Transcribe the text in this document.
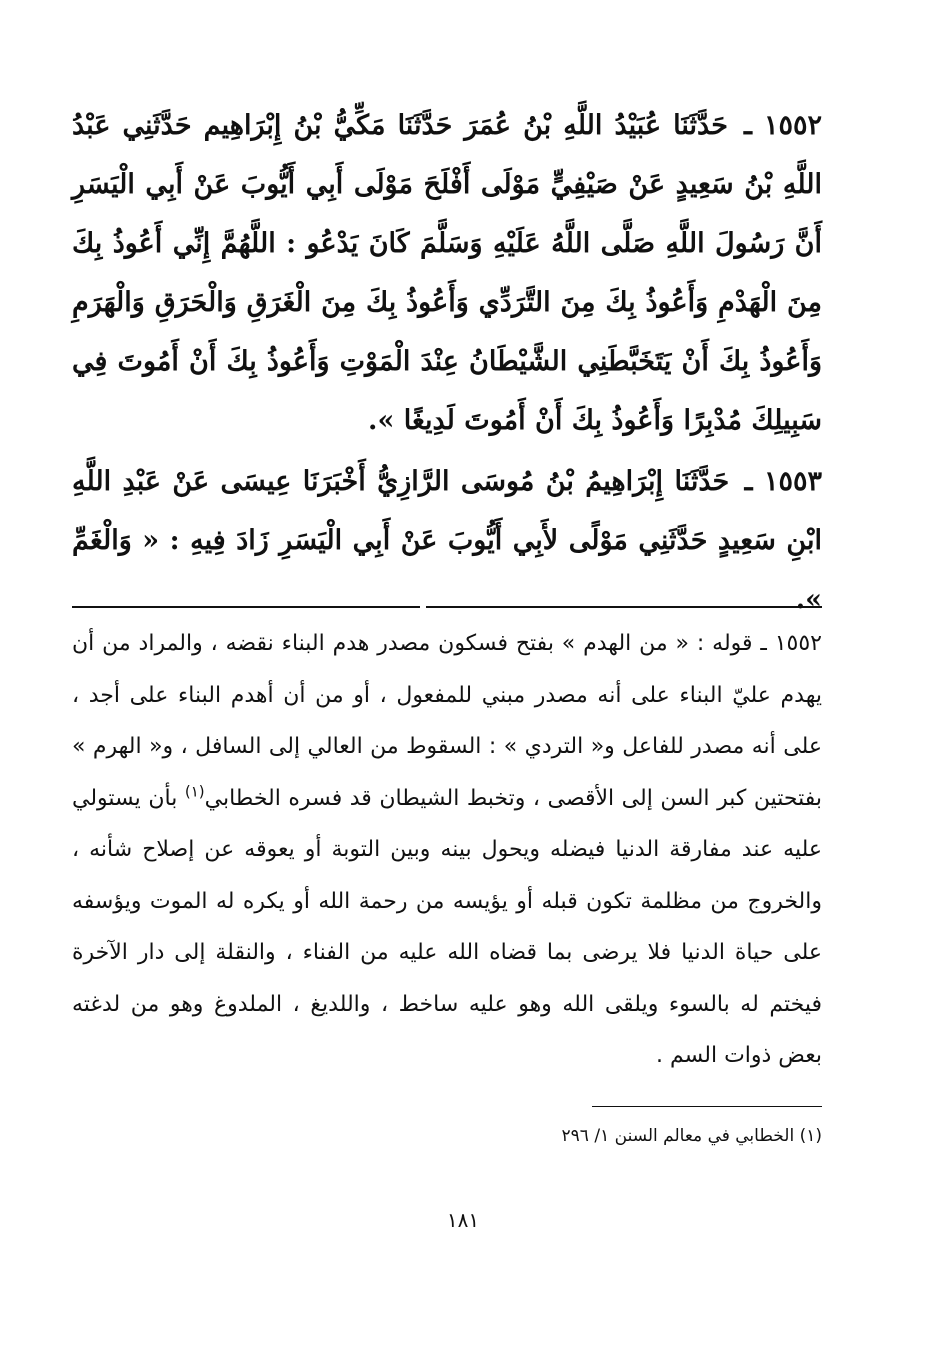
١٥٥٢ ـ حَدَّثَنَا عُبَيْدُ اللَّهِ بْنُ عُمَرَ حَدَّثَنَا مَكِّيُّ بْنُ إِبْرَاهِيم حَدَّثَنِي عَبْدُ اللَّهِ بْنُ سَعِيدٍ عَنْ صَيْفِيٍّ مَوْلَى أَفْلَحَ مَوْلَى أَبِي أَيُّوبَ عَنْ أَبِي الْيَسَرِ أَنَّ رَسُولَ اللَّهِ صَلَّى اللَّهُ عَلَيْهِ وَسَلَّمَ كَانَ يَدْعُو : اللَّهُمَّ إِنِّي أَعُوذُ بِكَ مِنَ الْهَدْمِ وَأَعُوذُ بِكَ مِنَ التَّرَدِّي وَأَعُوذُ بِكَ مِنَ الْغَرَقِ وَالْحَرَقِ وَالْهَرَمِ وَأَعُوذُ بِكَ أَنْ يَتَخَبَّطَنِي الشَّيْطَانُ عِنْدَ الْمَوْتِ وَأَعُوذُ بِكَ أَنْ أَمُوتَ فِي سَبِيلِكَ مُدْبِرًا وَأَعُوذُ بِكَ أَنْ أَمُوتَ لَدِيغًا ».
١٥٥٣ ـ حَدَّثَنَا إِبْرَاهِيمُ بْنُ مُوسَى الرَّازِيُّ أَخْبَرَنَا عِيسَى عَنْ عَبْدِ اللَّهِ ابْنِ سَعِيدٍ حَدَّثَنِي مَوْلًى لأَبِي أَيُّوبَ عَنْ أَبِي الْيَسَرِ زَادَ فِيهِ : « وَالْغَمِّ ».
١٥٥٢ ـ قوله : « من الهدم » بفتح فسكون مصدر هدم البناء نقضه ، والمراد من أن يهدم عليّ البناء على أنه مصدر مبني للمفعول ، أو من أن أهدم البناء على أجد ، على أنه مصدر للفاعل و« التردي » : السقوط من العالي إلى السافل ، و« الهرم » بفتحتين كبر السن إلى الأقصى ، وتخبط الشيطان قد فسره الخطابي$^{(١)}$ بأن يستولي عليه عند مفارقة الدنيا فيضله ويحول بينه وبين التوبة أو يعوقه عن إصلاح شأنه ، والخروج من مظلمة تكون قبله أو يؤيسه من رحمة الله أو يكره له الموت ويؤسفه على حياة الدنيا فلا يرضى بما قضاه الله عليه من الفناء ، والنقلة إلى دار الآخرة فيختم له بالسوء ويلقى الله وهو عليه ساخط ، واللديغ ، الملدوغ وهو من لدغته بعض ذوات السم .
(١) الخطابي في معالم السنن ١/ ٢٩٦
١٨١
